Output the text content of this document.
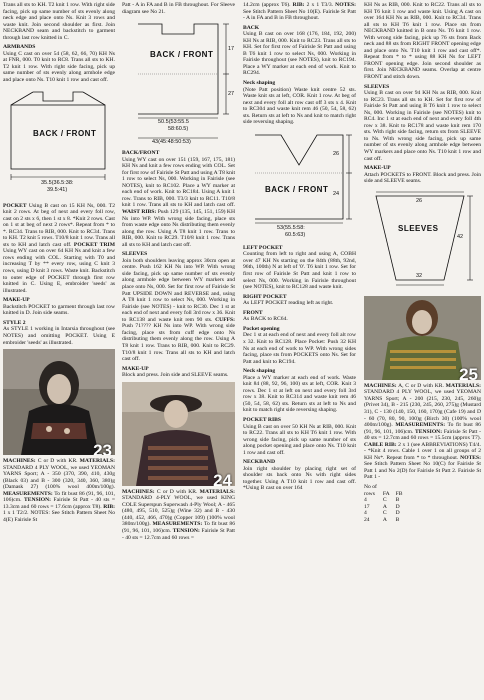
Trans all sts to KH. T2 knit 1 row. With right side facing, pick up same number of sts evenly along neck edge and place onto Ns. Knit 3 rows and waste knit. Join second shoulder as first. Join NECKBAND seam and backstitch to garment through last row knitted in C.

ARMBANDS

Using C cast on over 54 (58, 62, 66, 70) KH Ns at FNR, 000. T0 knit to RC8. Trans all sts to KH. T2 knit 1 row. With right side facing, pick up same number of sts evenly along armhole edge and place onto Ns. T10 knit 1 row and cast off.

BACK / FRONT
35.5(36.5:38:
39.5:41)

POCKET Using B cast on 15 KH Ns, 000. T2 knit 2 rows. At beg of next and every foll row, cast on 2 sts x 6, then 1 st x 8. *Knit 2 rows. Cast on 1 st at beg of next 2 rows*. Repeat from * to *. RC34. Trans to RIB, 000. Knit to RC34. Trans to KH. T2 knit 5 rows. T10/8 knit 1 row. Trans all sts to KH and latch cast off. POCKET TRIM Using WY cast on over 64 KH Ns and knit a few rows ending with COL. Starting with T0 and increasing T by ** every row, using C knit 3 rows, using D knit 3 rows. Waste knit. Backstitch to outer edge of POCKET through first row knitted in C. Using E, embroider 'seeds' as illustrated.

MAKE-UP

Backstitch POCKET to garment through last row knitted in D. Join side seams.

STYLE 2

As STYLE 1 working in Intarsia throughout (see NOTES) and omitting POCKET. Using E embroider 'seeds' as illustrated.

23

MACHINES: C or D with KR. MATERIALS: STANDARD 4 PLY WOOL, we used YEOMAN YARNS Sport; A - 350 (370, 390, 410, 430g (Black 03) and B - 300 (320, 340, 360, 380)g (Damask 27) (100% wool 400m/100g). MEASUREMENTS: To fit bust 86 (91, 96, 101, 106)cm. TENSION: Fairisle St Patt - 40 sts = 13.3cm and 60 rows = 17.6cm (approx T8). RIB: 1 x 1 T2/2. NOTES: See Stitch Pattern Sheet No 4(E) Fairisle St

Patt - A in FA and B in FB throughout. For Sleeve diagram see No 21.

BACK / FRONT
50.5(53:55.5
58:60.5)
43(45:48:50:53)
17
27

BACK/FRONT
Using WY cast on over 151 (159, 167, 175, 181) KH Ns and knit a few rows ending with COL. Set for first row of Fairisle St Patt and using A T8 knit 1 row to select Ns, 000. Working in Fairisle (see NOTES), knit to RC102. Place a WY marker at each end of work. Knit to RC184. Using A knit 1 row. Trans to RIB, 000. T3/3 knit to RC11. T10/8 knit 1 row. Trans all sts to KH and latch cast off. WAIST RIBS: Push 129 (135, 145, 151, 159) KH Ns into WP. With wrong side facing, place sts from waste edge onto Ns distributing them evenly along the row. Using A T8 knit 1 row. Trans to RIB, 000. Knit to RC29. T10/8 knit 1 row. Trans all sts to KH and latch cast off.

SLEEVES
Join both shoulders leaving approx 30cm open at centre. Push 162 KH Ns into WP. With wrong side facing, pick up same number of sts evenly along armhole edge between WY markers and place onto Ns, 000. Set for first row of Fairisle St Patt UPSIDE DOWN and REVERSE and, using A T8 knit 1 row to select Ns, 000. Working in Fairisle (see NOTES) - knit to RC30. Dec 1 st at each end of next and every foll 3rd row x 36. Knit to RC138 and waste knit rem 90 sts. CUFFS: Push 71???? KH Ns into WP. With wrong side facing, place sts from cuff edge onto Ns distributing them evenly along the row. Using A T8 knit 1 row. Trans to RIB, 000. Knit to RC29. T10/8 knit 1 row. Trans all sts to KH and latch cast off.

MAKE-UP

Block and press. Join side and SLEEVE seams.

24

MACHINES: C or D with KR. MATERIALS: STANDARD 4-PLY WOOL, we used KING COLE Superspun Superwash 4-Ply Wool; A - 465 (480, 495, 510, 525)g (Wine 32) and B - 430 (440, 452, 466, 470)g (Copper 109) (100% wool 380m/100g). MEASUREMENTS: To fit bust 86 (91, 96, 101, 106)cm. TENSION: Fairisle St Patt - 40 sts = 12.7cm and 60 rows =

14.2cm (approx T6). RIB: 2 x 1 T3/3. NOTES: See Stitch Pattern Sheet No 10(E). Fairisle St Patt - A in FA and B in FB throughout.

BACK

Using B cast on over 168 (176, 184, 192, 200) KH Ns at RIB, 000. Knit to RC23. Trans all sts to KH. Set for first row of Fairisle St Patt and using B T6 knit 1 row to select Ns, 000. Working in Fairisle throughout (see NOTES), knit to RC194. Place a WY marker at each end of work. Knit to RC294.

Neck shaping

(Note Patt position) Waste knit centre 52 sts. Waste knit sts at left, COR. Knit 1 row. At beg of next and every foll alt row cast off 3 sts x 4. Knit to RC304 and waste knit rem 46 (50, 54, 58, 62) sts. Return sts at left to Ns and knit to match right side reversing shaping.

BACK / FRONT
53(55.5:58:
60.5:63)
26
24
LEFT POCKET

Counting from left to right and using A, COBH over 47 KH Ns starting on the 84th (88th, 92nd, 96th, 100th) N at left of '0'. T6 knit 1 row. Set for first row of Fairisle St Patt and knit 1 row to select Ns, 000. Working in Fairisle throughout (see NOTES), knit to RC128 and waste knit.

RIGHT POCKET

As LEFT POCKET reading left as right.

FRONT

As BACK to RC64.

Pocket opening

Dec 1 st at each end of next and every foll alt row x 32. Knit to RC128. Place Pocket: Push 32 KH Ns at each end of work to WP. With wrong sides facing, place sts from POCKETS onto Ns. Set for Patt and knit to RC194.

Neck shaping

Place a WY marker at each end of work. Waste knit 84 (88, 92, 96, 100) sts at left, COR. Knit 3 rows. Dec 1 st at left on next and every foll 3rd row x 38. Knit to RC314 and waste knit rem 46 (50, 54, 58, 62) sts. Return sts at left to Ns and knit to match right side reversing shaping.

POCKET RIBS

Using B cast on over 50 KH Ns at RIB, 000. Knit to RC22. Trans all sts to KH T6 knit 1 row. With wrong side facing, pick up same number of sts along pocket opening and place onto Ns. T10 knit 1 row and cast off.

NECKBAND

Join right shoulder by placing right set of shoulder sts back onto Ns with right sides together. Using A T10 knit 1 row and cast off. *Using B cast on over 164

KH Ns as RIB, 000. Knit to RC22. Trans all sts to KH T6 knit 1 row and waste knit. Using A cast on over 164 KH Ns as RIB, 000. Knit to RC34. Trans all sts to KH T6 knit 1 row. Place sts from NECKBAND knitted in B onto Ns. T6 knit 1 row. With wrong side facing, pick up 76 sts from Back neck and 88 sts from RIGHT FRONT opening edge and place onto Ns. T10 knit 1 row and cast off*. Repeat from * to * using 88 KH Ns for LEFT FRONT opening edge. Join second shoulder as first. Join NECKBAND seams. Overlap at centre FRONT and stitch down.

SLEEVES

Using B cast on over 94 KH Ns as RIB, 000. Knit to RC23. Trans all sts to KH. Set for first row of Fairisle St Patt and using B T6 knit 1 row to select Ns, 000. Working in Fairisle (see NOTES) knit to RC4. Inc 1 st at each end of next and every foll 4th row x 38. Knit to RC178 and waste knit rem 170 sts. With right side facing, return sts from SLEEVE to Ns. With wrong side facing, pick up same number of sts evenly along armhole edge between WY markers and place onto Ns. T10 knit 1 row and cast off.

MAKE-UP

Attach POCKETS to FRONT. Block and press. Join side and SLEEVE seams.

SLEEVES
26
42
32
25

MACHINES: A, C or D with KR. MATERIALS: STANDARD 4 PLY WOOL, we used YEOMAN YARNS Sport; A - 200 (215, 230, 245, 260)g (Privet 34), B - 215 (230, 245, 260, 275)g (Mustard 31), C - 130 (140, 150, 160, 170)g (Cafe 19) and D - 60 (70, 80, 90, 100)g (Birch 30) (100% wool 400m/100g). MEASUREMENTS: To fit bust 86 (91, 96, 101, 106)cm. TENSION: Fairisle St Patt - 40 sts = 12.7cm and 60 rows = 15.5cm (approx T7). CABLE RIB: 2 x 1 (see ABBREVIATIONS) T4/4. - *Knit 4 rows. Cable 1 over 1 on all groups of 2 KH Ns*. Repeat from * to * throughout. NOTES: See Stitch Pattern Sheet No 10(C) for Fairisle St Patt 1 and No 2(D) for Fairisle St Patt 2. Fairisle St Patt 1 -

No of		
rows	FA	FB
4	C	B
17	A	D
4	C	D
24	A	B
